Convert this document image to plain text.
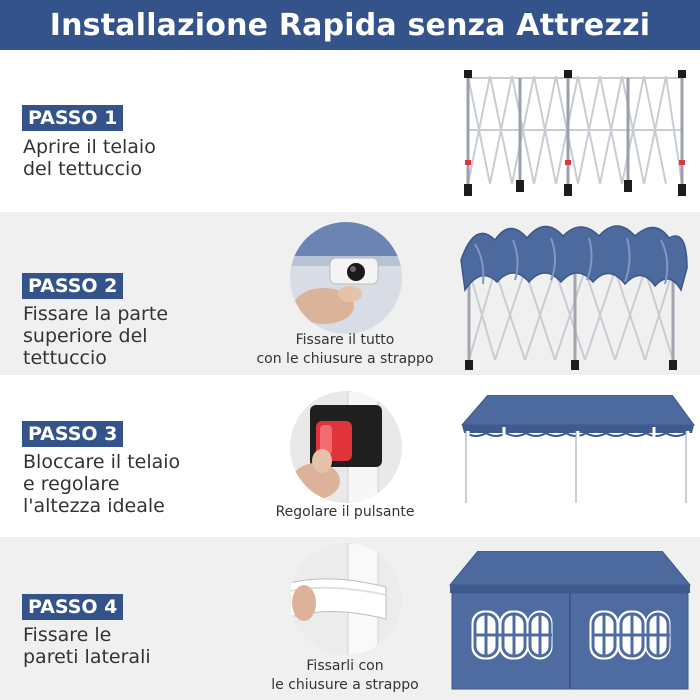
Installazione Rapida senza Attrezzi
PASSO 1
Aprire il telaio
del tettuccio
PASSO 2
Fissare la parte
superiore del
tettuccio
Fissare il tutto
con le chiusure a strappo
PASSO 3
Bloccare il telaio
e regolare
l'altezza ideale	Regolare il pulsante
PASSO 4
Fissare le
pareti laterali	Fissarli con
le chiusure a strappo
